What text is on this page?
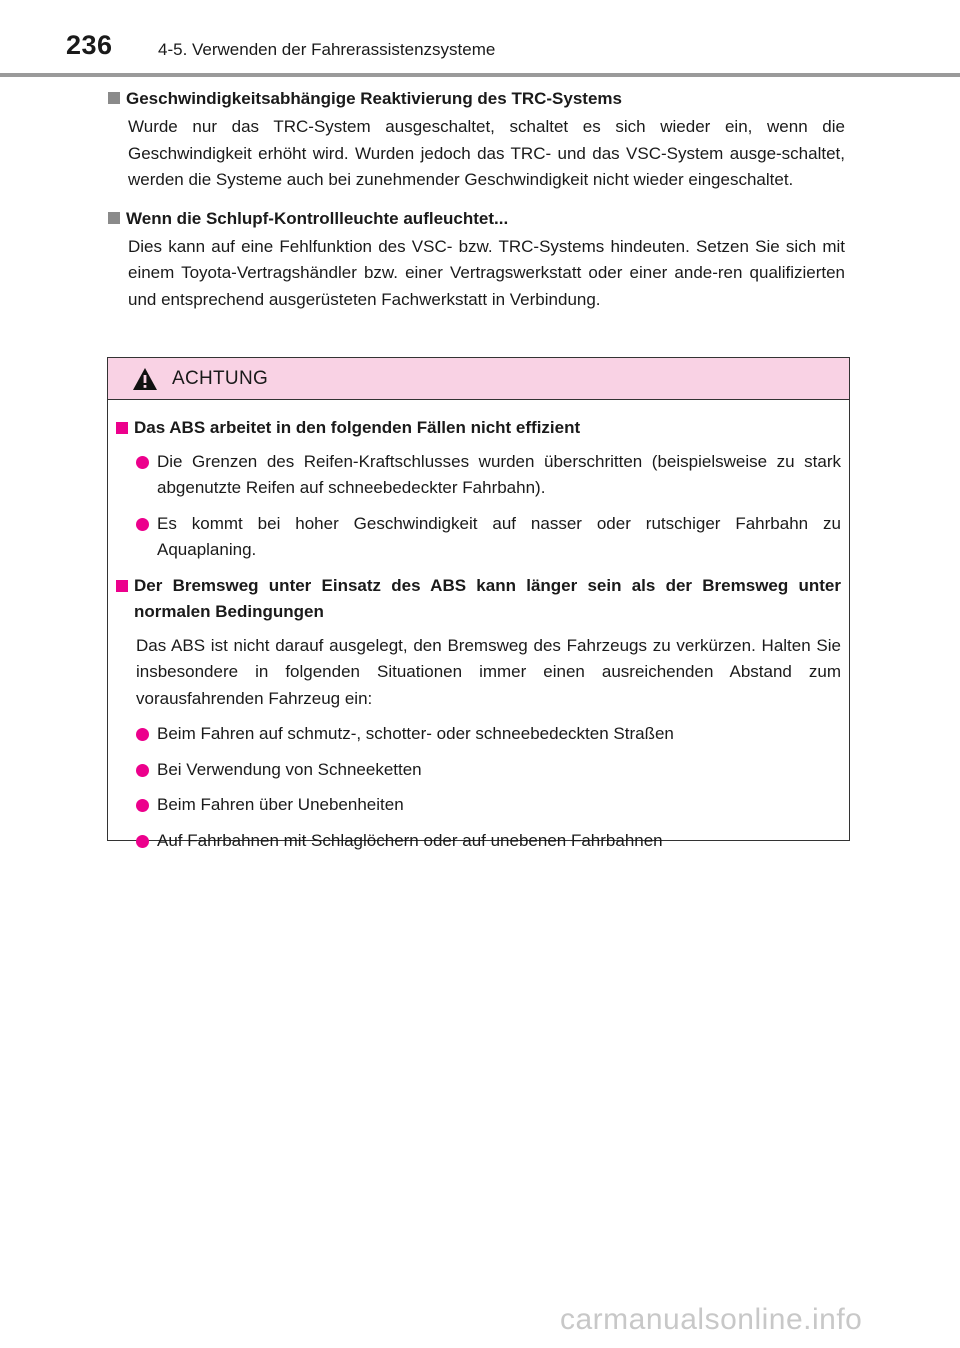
236	4-5. Verwenden der Fahrerassistenzsysteme
Geschwindigkeitsabhängige Reaktivierung des TRC-Systems

Wurde nur das TRC-System ausgeschaltet, schaltet es sich wieder ein, wenn die Geschwindigkeit erhöht wird. Wurden jedoch das TRC- und das VSC-System ausge-schaltet, werden die Systeme auch bei zunehmender Geschwindigkeit nicht wieder eingeschaltet.

Wenn die Schlupf-Kontrollleuchte aufleuchtet...

Dies kann auf eine Fehlfunktion des VSC- bzw. TRC-Systems hindeuten. Setzen Sie sich mit einem Toyota-Vertragshändler bzw. einer Vertragswerkstatt oder einer ande-ren qualifizierten und entsprechend ausgerüsteten Fachwerkstatt in Verbindung.

ACHTUNG
Das ABS arbeitet in den folgenden Fällen nicht effizient
Die Grenzen des Reifen-Kraftschlusses wurden überschritten (beispielsweise zu stark abgenutzte Reifen auf schneebedeckter Fahrbahn).
Es kommt bei hoher Geschwindigkeit auf nasser oder rutschiger Fahrbahn zu Aquaplaning.
Der Bremsweg unter Einsatz des ABS kann länger sein als der Bremsweg unter normalen Bedingungen
Das ABS ist nicht darauf ausgelegt, den Bremsweg des Fahrzeugs zu verkürzen. Halten Sie insbesondere in folgenden Situationen immer einen ausreichenden Abstand zum vorausfahrenden Fahrzeug ein:
Beim Fahren auf schmutz-, schotter- oder schneebedeckten Straßen
Bei Verwendung von Schneeketten
Beim Fahren über Unebenheiten
Auf Fahrbahnen mit Schlaglöchern oder auf unebenen Fahrbahnen
carmanualsonline.info
